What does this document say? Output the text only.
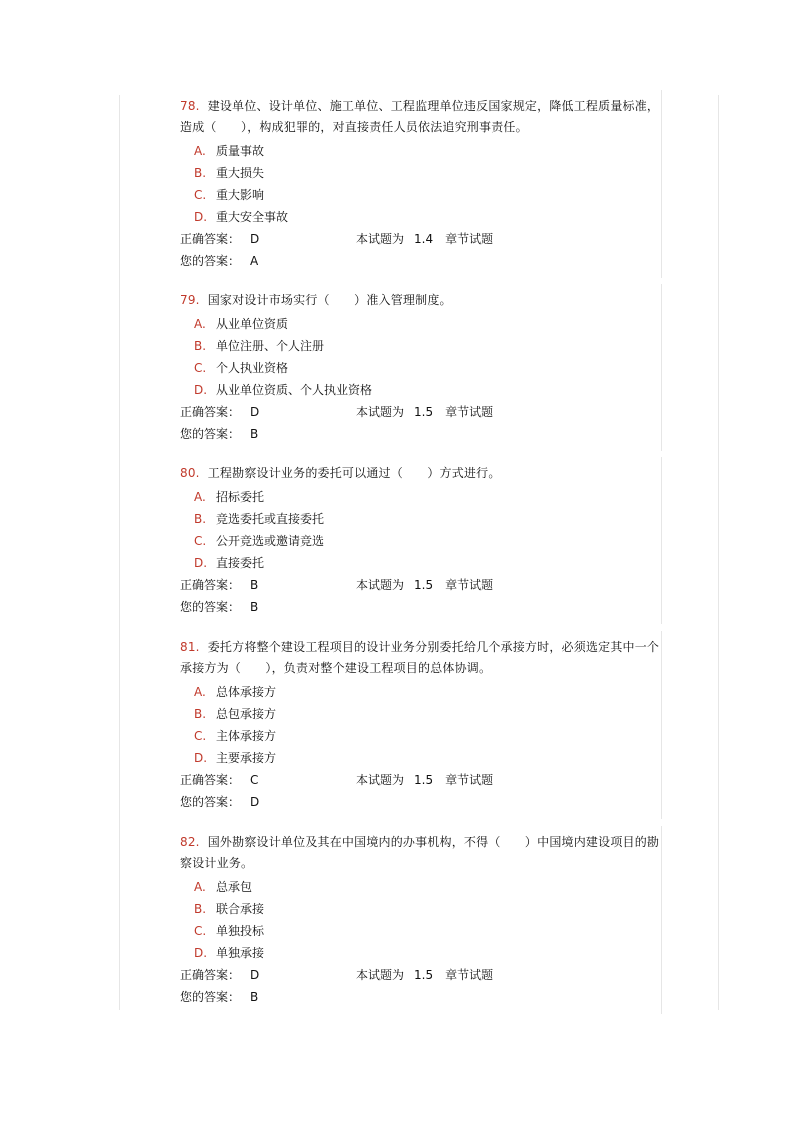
78. 建设单位、设计单位、施工单位、工程监理单位违反国家规定，降低工程质量标准，造成（　　），构成犯罪的，对直接责任人员依法追究刑事责任。

A. 质量事故
B. 重大损失
C. 重大影响
D. 重大安全事故
正确答案： D	本试题为 1.4 章节试题
您的答案： A

79. 国家对设计市场实行（　　）准入管理制度。

A. 从业单位资质
B. 单位注册、个人注册
C. 个人执业资格
D. 从业单位资质、个人执业资格
正确答案： D	本试题为 1.5 章节试题
您的答案： B

80. 工程勘察设计业务的委托可以通过（　　）方式进行。

A. 招标委托
B. 竞选委托或直接委托
C. 公开竞选或邀请竞选
D. 直接委托
正确答案： B	本试题为 1.5 章节试题
您的答案： B

81. 委托方将整个建设工程项目的设计业务分别委托给几个承接方时，必须选定其中一个承接方为（　　），负责对整个建设工程项目的总体协调。

A. 总体承接方
B. 总包承接方
C. 主体承接方
D. 主要承接方
正确答案： C	本试题为 1.5 章节试题
您的答案： D

82. 国外勘察设计单位及其在中国境内的办事机构，不得（　　）中国境内建设项目的勘察设计业务。

A. 总承包
B. 联合承接
C. 单独投标
D. 单独承接
正确答案： D	本试题为 1.5 章节试题
您的答案： B
